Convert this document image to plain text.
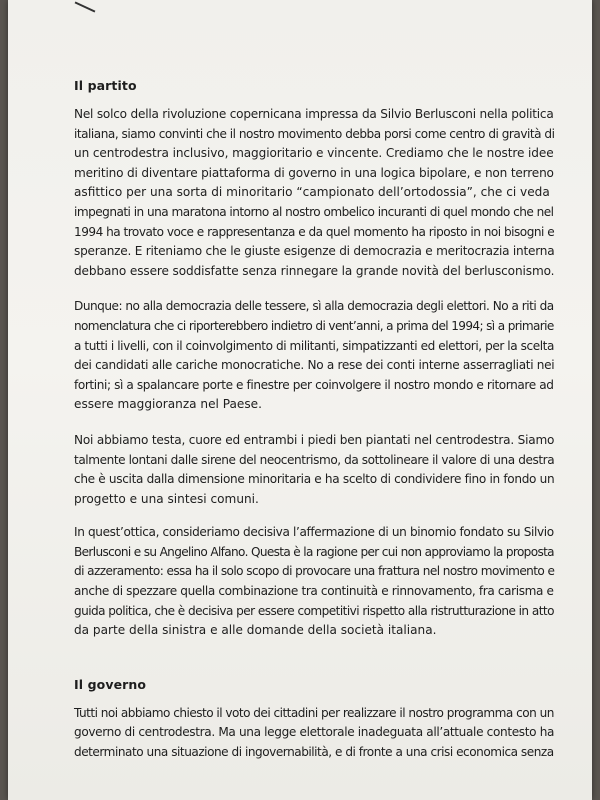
Il partito

Nel solco della rivoluzione copernicana impressa da Silvio Berlusconi nella politica
italiana, siamo convinti che il nostro movimento debba porsi come centro di gravità di
un centrodestra inclusivo, maggioritario e vincente. Crediamo che le nostre idee
meritino di diventare piattaforma di governo in una logica bipolare, e non terreno
asfittico per una sorta di minoritario “campionato dell’ortodossia”, che ci veda
impegnati in una maratona intorno al nostro ombelico incuranti di quel mondo che nel
1994 ha trovato voce e rappresentanza e da quel momento ha riposto in noi bisogni e
speranze. E riteniamo che le giuste esigenze di democrazia e meritocrazia interna
debbano essere soddisfatte senza rinnegare la grande novità del berlusconismo.

Dunque: no alla democrazia delle tessere, sì alla democrazia degli elettori. No a riti da
nomenclatura che ci riporterebbero indietro di vent’anni, a prima del 1994; sì a primarie
a tutti i livelli, con il coinvolgimento di militanti, simpatizzanti ed elettori, per la scelta
dei candidati alle cariche monocratiche. No a rese dei conti interne asserragliati nei
fortini; sì a spalancare porte e finestre per coinvolgere il nostro mondo e ritornare ad
essere maggioranza nel Paese.

Noi abbiamo testa, cuore ed entrambi i piedi ben piantati nel centrodestra. Siamo
talmente lontani dalle sirene del neocentrismo, da sottolineare il valore di una destra
che è uscita dalla dimensione minoritaria e ha scelto di condividere fino in fondo un
progetto e una sintesi comuni.

In quest’ottica, consideriamo decisiva l’affermazione di un binomio fondato su Silvio
Berlusconi e su Angelino Alfano. Questa è la ragione per cui non approviamo la proposta
di azzeramento: essa ha il solo scopo di provocare una frattura nel nostro movimento e
anche di spezzare quella combinazione tra continuità e rinnovamento, fra carisma e
guida politica, che è decisiva per essere competitivi rispetto alla ristrutturazione in atto
da parte della sinistra e alle domande della società italiana.

Il governo

Tutti noi abbiamo chiesto il voto dei cittadini per realizzare il nostro programma con un
governo di centrodestra. Ma una legge elettorale inadeguata all’attuale contesto ha
determinato una situazione di ingovernabilità, e di fronte a una crisi economica senza
